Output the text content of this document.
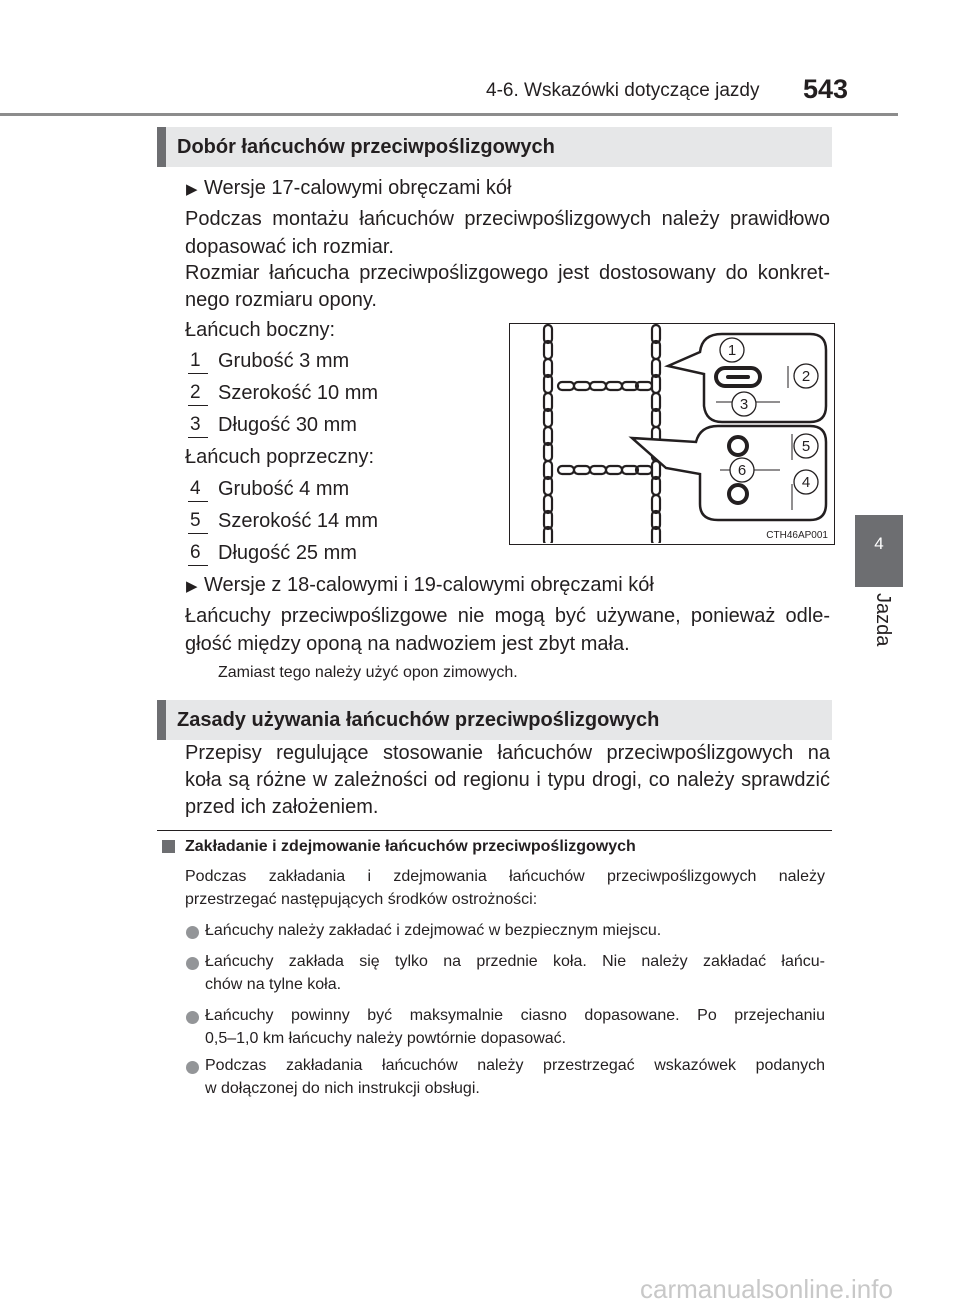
4-6. Wskazówki dotyczące jazdy 543
4
Jazda
Dobór łańcuchów przeciwpoślizgowych
▶ Wersje 17-calowymi obręczami kół
Podczas montażu łańcuchów przeciwpoślizgowych należy prawidłowo
dopasować ich rozmiar.
Rozmiar łańcucha przeciwpoślizgowego jest dostosowany do konkret-
nego rozmiaru opony.
Łańcuch boczny:
1 Grubość 3 mm
2 Szerokość 10 mm
3 Długość 30 mm
Łańcuch poprzeczny:
4 Grubość 4 mm
5 Szerokość 14 mm
6 Długość 25 mm
1
2
3
5
6
4
CTH46AP001
▶ Wersje z 18-calowymi i 19-calowymi obręczami kół
Łańcuchy przeciwpoślizgowe nie mogą być używane, ponieważ odle-
głość między oponą na nadwoziem jest zbyt mała.
Zamiast tego należy użyć opon zimowych.
Zasady używania łańcuchów przeciwpoślizgowych
Przepisy regulujące stosowanie łańcuchów przeciwpoślizgowych na
koła są różne w zależności od regionu i typu drogi, co należy sprawdzić
przed ich założeniem.
Zakładanie i zdejmowanie łańcuchów przeciwpoślizgowych
Podczas zakładania i zdejmowania łańcuchów przeciwpoślizgowych należy
przestrzegać następujących środków ostrożności:
Łańcuchy należy zakładać i zdejmować w bezpiecznym miejscu.
Łańcuchy zakłada się tylko na przednie koła. Nie należy zakładać łańcu-
chów na tylne koła.
Łańcuchy powinny być maksymalnie ciasno dopasowane. Po przejechaniu
0,5–1,0 km łańcuchy należy powtórnie dopasować.
Podczas zakładania łańcuchów należy przestrzegać wskazówek podanych
w dołączonej do nich instrukcji obsługi.
carmanualsonline.info
